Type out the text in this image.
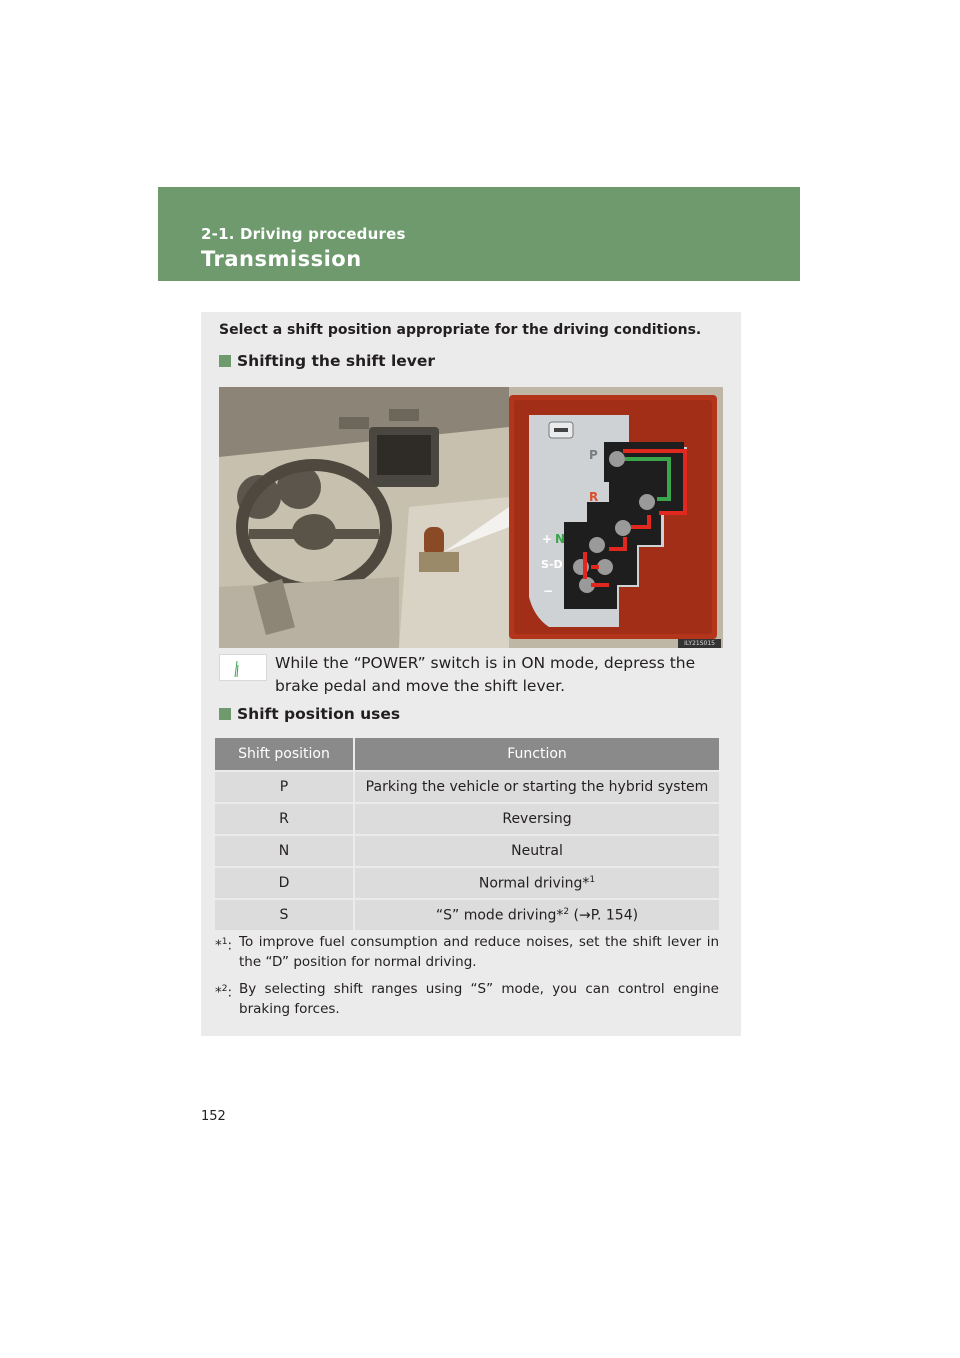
2-1. Driving procedures
Transmission
Select a shift position appropriate for the driving conditions.
Shifting the shift lever
P
R
+ N
S-D
−
ILY21S015
While the “POWER” switch is in ON mode, depress the brake pedal and move the shift lever.
Shift position uses
Shift position	Function
P	Parking the vehicle or starting the hybrid system
R	Reversing
N	Neutral
D	Normal driving*$^1$
S	“S” mode driving*$^2$ (→P. 154)
*$^1$: To improve fuel consumption and reduce noises, set the shift lever in the “D” position for normal driving.
*$^2$: By selecting shift ranges using “S” mode, you can control engine braking forces.
152
